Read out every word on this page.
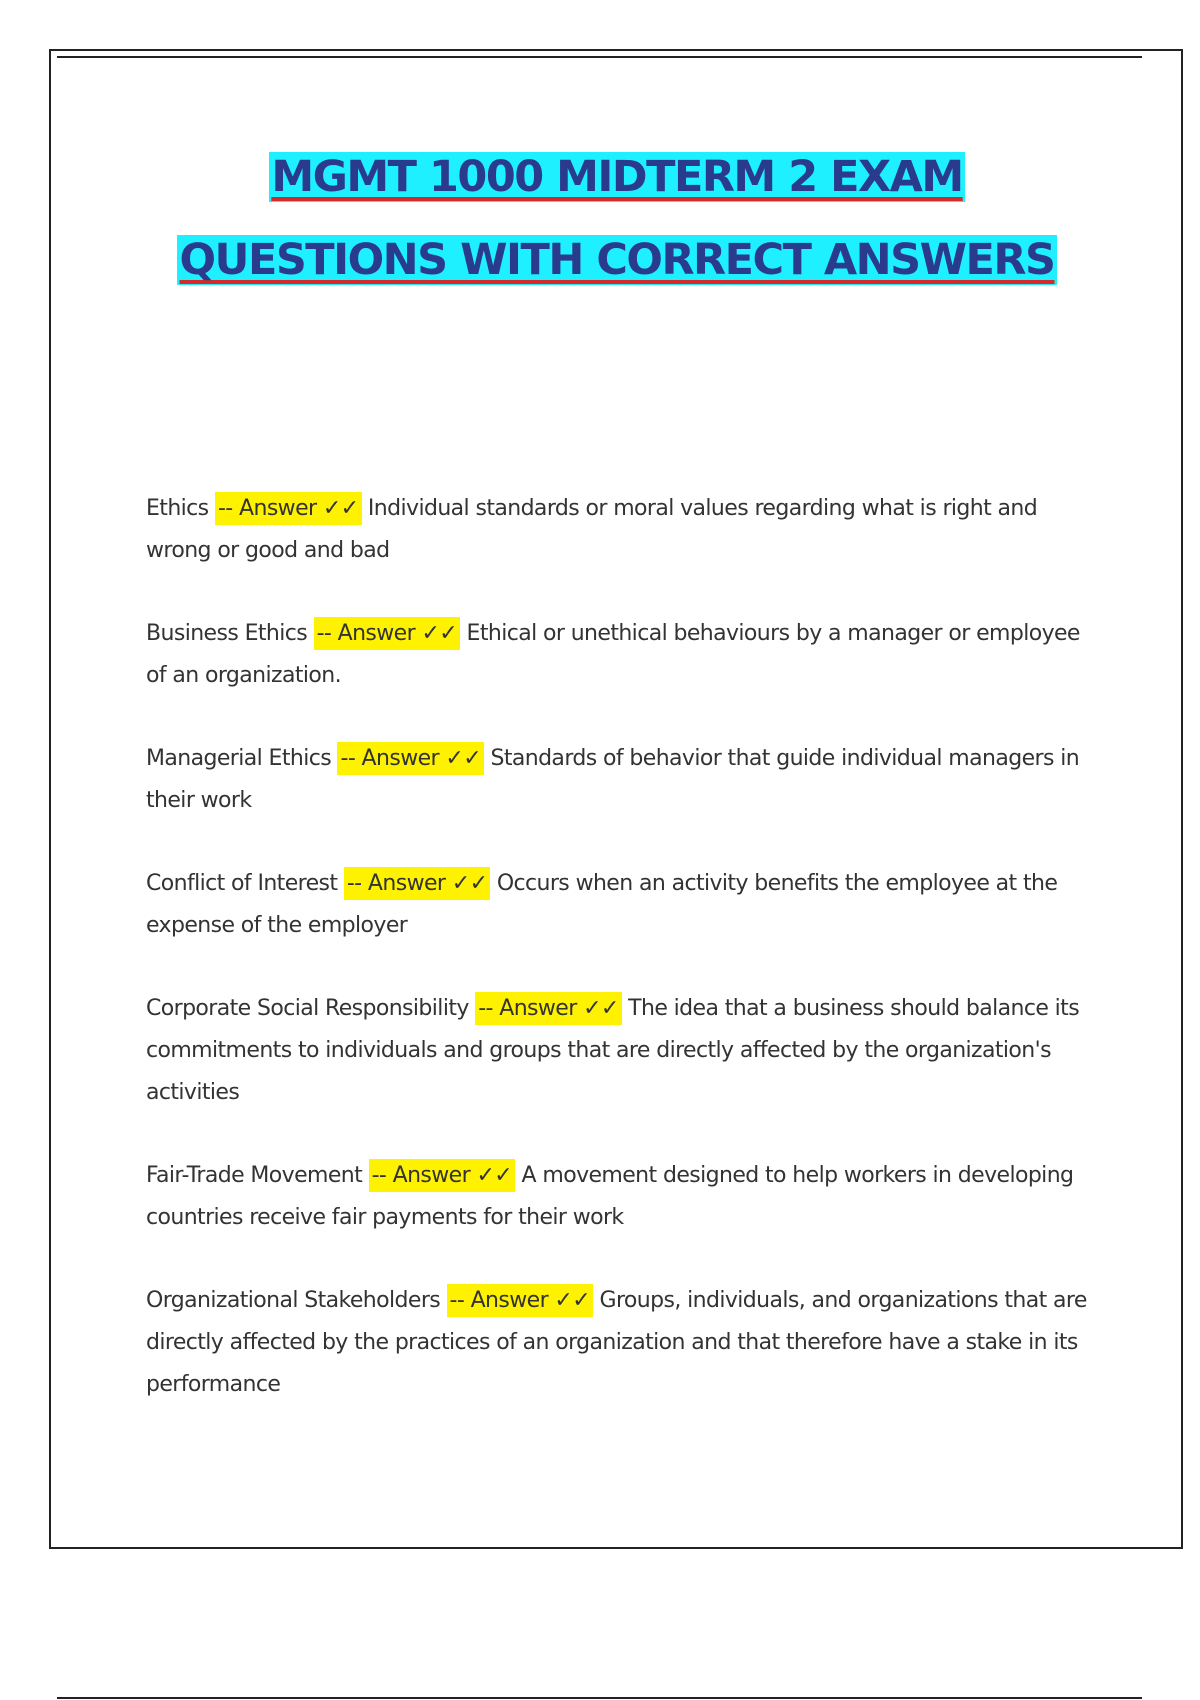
MGMT 1000 MIDTERM 2 EXAM QUESTIONS WITH CORRECT ANSWERS

Ethics -- Answer ✓✓ Individual standards or moral values regarding what is right and wrong or good and bad

Business Ethics -- Answer ✓✓ Ethical or unethical behaviours by a manager or employee of an organization.

Managerial Ethics -- Answer ✓✓ Standards of behavior that guide individual managers in their work

Conflict of Interest -- Answer ✓✓ Occurs when an activity benefits the employee at the expense of the employer

Corporate Social Responsibility -- Answer ✓✓ The idea that a business should balance its commitments to individuals and groups that are directly affected by the organization's activities

Fair-Trade Movement -- Answer ✓✓ A movement designed to help workers in developing countries receive fair payments for their work

Organizational Stakeholders -- Answer ✓✓ Groups, individuals, and organizations that are directly affected by the practices of an organization and that therefore have a stake in its performance
